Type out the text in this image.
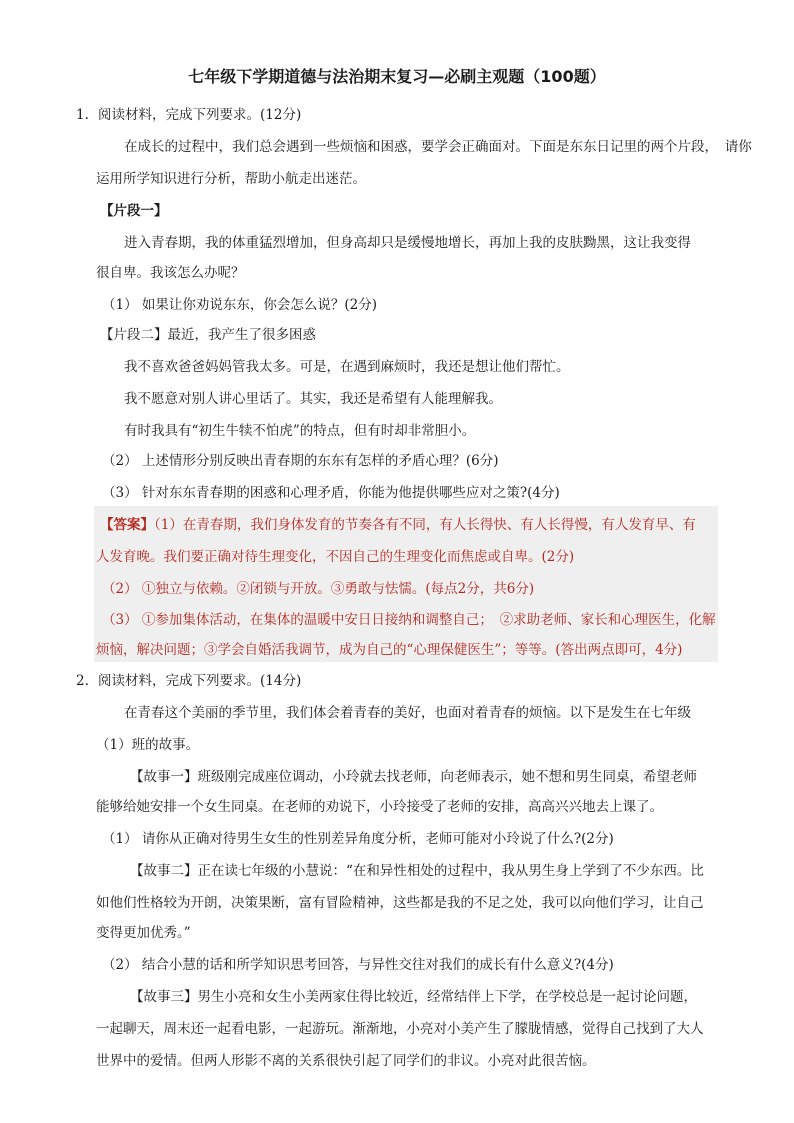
七年级下学期道德与法治期末复习—必刷主观题（100题）
1. 阅读材料，完成下列要求。(12分)
在成长的过程中，我们总会遇到一些烦恼和困惑，要学会正确面对。下面是东东日记里的两个片段，　请你
运用所学知识进行分析，帮助小航走出迷茫。
【片段一】
进入青春期，我的体重猛烈增加，但身高却只是缓慢地增长，再加上我的皮肤黝黑，这让我变得
很自卑。我该怎么办呢？
（1） 如果让你劝说东东，你会怎么说？(2分)
【片段二】最近，我产生了很多困惑
我不喜欢爸爸妈妈管我太多。可是，在遇到麻烦时，我还是想让他们帮忙。
我不愿意对别人讲心里话了。其实，我还是希望有人能理解我。
有时我具有“初生牛犊不怕虎”的特点，但有时却非常胆小。
（2） 上述情形分别反映出青春期的东东有怎样的矛盾心理？(6分)
（3） 针对东东青春期的困惑和心理矛盾，你能为他提供哪些应对之策?(4分)
【答案】（1）在青春期，我们身体发育的节奏各有不同，有人长得快、有人长得慢，有人发育早、有
人发育晚。我们要正确对待生理变化，不因自己的生理变化而焦虑或自卑。(2分)
（2） ①独立与依赖。②闭锁与开放。③勇敢与怯懦。(每点2分，共6分)
（3） ①参加集体活动，在集体的温暖中安日日接纳和调整自己；　②求助老师、家长和心理医生，化解
烦恼，解决问题；③学会自婚活我调节，成为自己的“心理保健医生”；等等。(答出两点即可，4分)
2. 阅读材料，完成下列要求。(14分)
在青春这个美丽的季节里，我们体会着青春的美好，也面对着青春的烦恼。以下是发生在七年级
（1）班的故事。
【故事一】班级刚完成座位调动，小玲就去找老师，向老师表示，她不想和男生同桌，希望老师
能够给她安排一个女生同桌。在老师的劝说下，小玲接受了老师的安排，高高兴兴地去上课了。
（1） 请你从正确对待男生女生的性别差异角度分析，老师可能对小玲说了什么?(2分)
【故事二】正在读七年级的小慧说：“在和异性相处的过程中，我从男生身上学到了不少东西。比
如他们性格较为开朗，决策果断，富有冒险精神，这些都是我的不足之处，我可以向他们学习，让自己
变得更加优秀。”
（2） 结合小慧的话和所学知识思考回答，与异性交往对我们的成长有什么意义?(4分)
【故事三】男生小亮和女生小美两家住得比较近，经常结伴上下学，在学校总是一起讨论问题，
一起聊天，周末还一起看电影，一起游玩。渐渐地，小亮对小美产生了朦胧情感，觉得自己找到了大人
世界中的爱情。但两人形影不离的关系很快引起了同学们的非议。小亮对此很苦恼。
